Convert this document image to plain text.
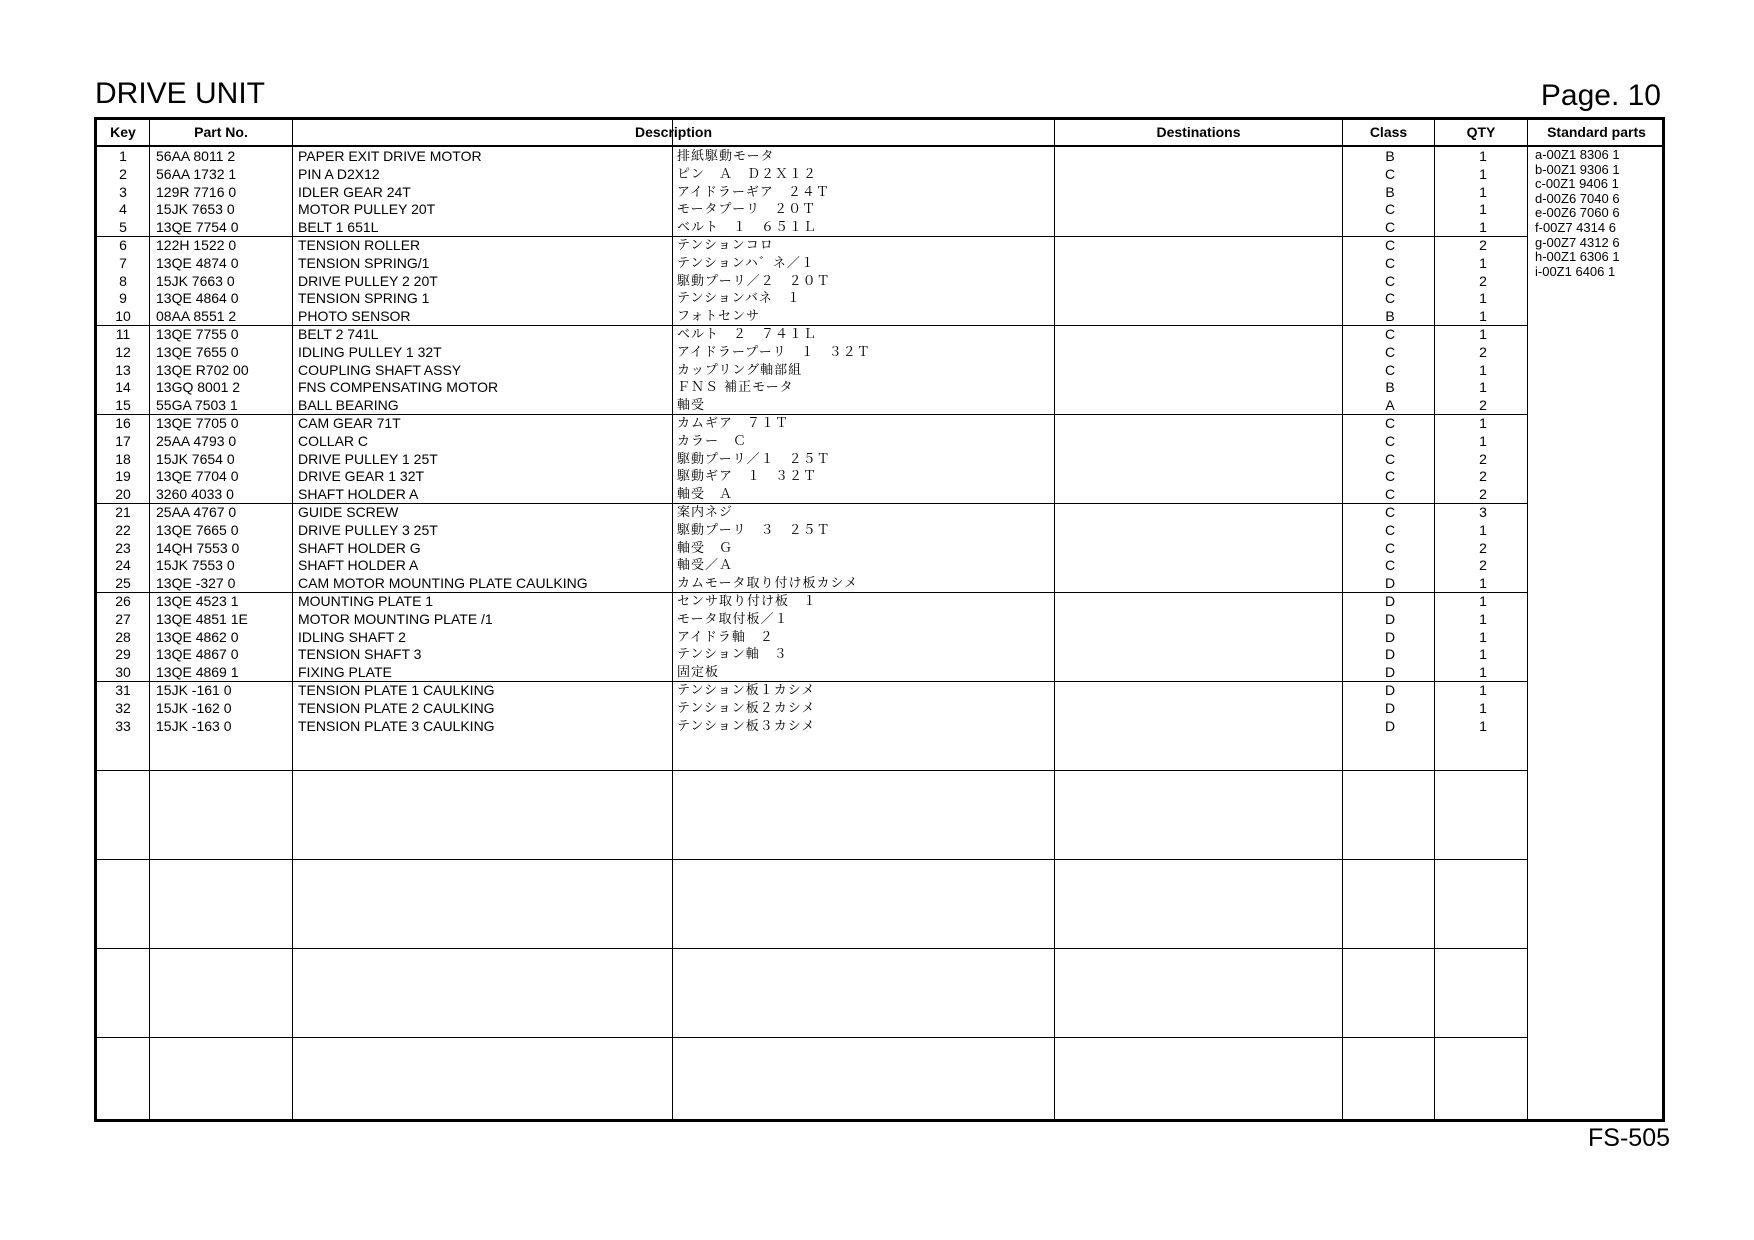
DRIVE UNIT	Page. 10
Key	Part No.	Description	Destinations	Class	QTY	Standard parts
1	56AA 8011 2	PAPER EXIT DRIVE MOTOR	排紙駆動モータ	B	1
2	56AA 1732 1	PIN A D2X12	ピン　Ａ　Ｄ２Ｘ１２	C	1
3	129R 7716 0	IDLER GEAR 24T	アイドラーギア　２４Ｔ	B	1
4	15JK 7653 0	MOTOR PULLEY 20T	モータプーリ　２０Ｔ	C	1
5	13QE 7754 0	BELT 1 651L	ベルト　１　６５１Ｌ	C	1
6	122H 1522 0	TENSION ROLLER	テンションコロ	C	2
7	13QE 4874 0	TENSION SPRING/1	テンションハ゛ネ／１	C	1
8	15JK 7663 0	DRIVE PULLEY 2 20T	駆動プーリ／２　２０Ｔ	C	2
9	13QE 4864 0	TENSION SPRING 1	テンションバネ　１	C	1
10	08AA 8551 2	PHOTO SENSOR	フォトセンサ	B	1
11	13QE 7755 0	BELT 2 741L	ベルト　２　７４１Ｌ	C	1
12	13QE 7655 0	IDLING PULLEY 1 32T	アイドラープーリ　１　３２Ｔ	C	2
13	13QE R702 00	COUPLING SHAFT ASSY	カップリング軸部組	C	1
14	13GQ 8001 2	FNS COMPENSATING MOTOR	ＦＮＳ 補正モータ	B	1
15	55GA 7503 1	BALL BEARING	軸受	A	2
16	13QE 7705 0	CAM GEAR 71T	カムギア　７１Ｔ	C	1
17	25AA 4793 0	COLLAR C	カラー　Ｃ	C	1
18	15JK 7654 0	DRIVE PULLEY 1 25T	駆動プーリ／１　２５Ｔ	C	2
19	13QE 7704 0	DRIVE GEAR 1 32T	駆動ギア　１　３２Ｔ	C	2
20	3260 4033 0	SHAFT HOLDER A	軸受　Ａ	C	2
21	25AA 4767 0	GUIDE SCREW	案内ネジ	C	3
22	13QE 7665 0	DRIVE PULLEY 3 25T	駆動プーリ　３　２５Ｔ	C	1
23	14QH 7553 0	SHAFT HOLDER G	軸受　Ｇ	C	2
24	15JK 7553 0	SHAFT HOLDER A	軸受／Ａ	C	2
25	13QE -327 0	CAM MOTOR MOUNTING PLATE CAULKING	カムモータ取り付け板カシメ	D	1
26	13QE 4523 1	MOUNTING PLATE 1	センサ取り付け板　１	D	1
27	13QE 4851 1E	MOTOR MOUNTING PLATE /1	モータ取付板／１	D	1
28	13QE 4862 0	IDLING SHAFT 2	アイドラ軸　２	D	1
29	13QE 4867 0	TENSION SHAFT 3	テンション軸　３	D	1
30	13QE 4869 1	FIXING PLATE	固定板	D	1
31	15JK -161 0	TENSION PLATE 1 CAULKING	テンション板１カシメ	D	1
32	15JK -162 0	TENSION PLATE 2 CAULKING	テンション板２カシメ	D	1
33	15JK -163 0	TENSION PLATE 3 CAULKING	テンション板３カシメ	D	1
a-00Z1 8306 1
b-00Z1 9306 1
c-00Z1 9406 1
d-00Z6 7040 6
e-00Z6 7060 6
f-00Z7 4314 6
g-00Z7 4312 6
h-00Z1 6306 1
i-00Z1 6406 1
FS-505
